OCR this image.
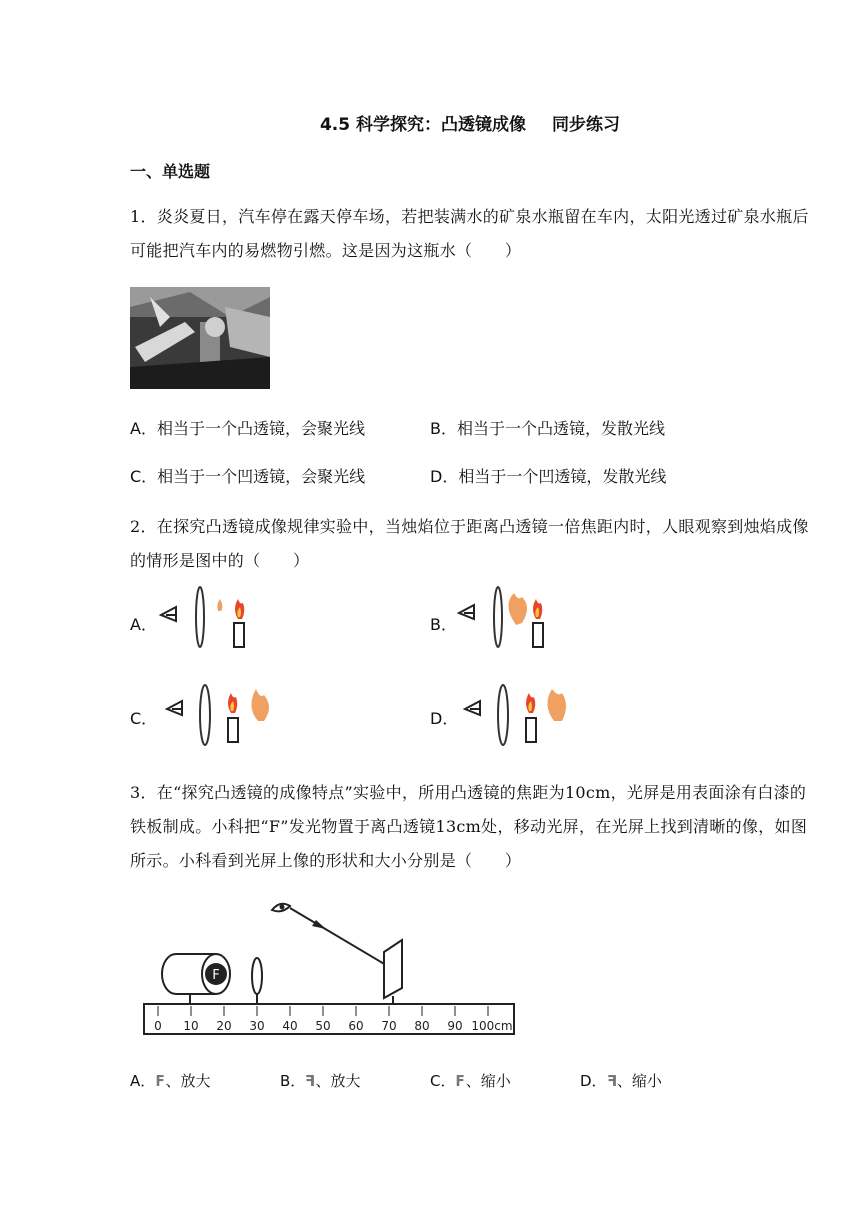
4.5 科学探究：凸透镜成像 同步练习
一、单选题
1．炎炎夏日，汽车停在露天停车场，若把装满水的矿泉水瓶留在车内，太阳光透过矿泉水瓶后可能把汽车内的易燃物引燃。这是因为这瓶水（　　）
A．相当于一个凸透镜，会聚光线	B．相当于一个凸透镜，发散光线
C．相当于一个凹透镜，会聚光线	D．相当于一个凹透镜，发散光线
2．在探究凸透镜成像规律实验中，当烛焰位于距离凸透镜一倍焦距内时，人眼观察到烛焰成像的情形是图中的（　　）
A．	B．
C．	D．
3．在“探究凸透镜的成像特点”实验中，所用凸透镜的焦距为10cm，光屏是用表面涂有白漆的铁板制成。小科把“F”发光物置于离凸透镜13cm处，移动光屏，在光屏上找到清晰的像，如图所示。小科看到光屏上像的形状和大小分别是（　　）
F
0 10 20 30 40 50 60 70 80 90 100cm
A．F、放大	B．F、放大	C．F、缩小	D．F、缩小
